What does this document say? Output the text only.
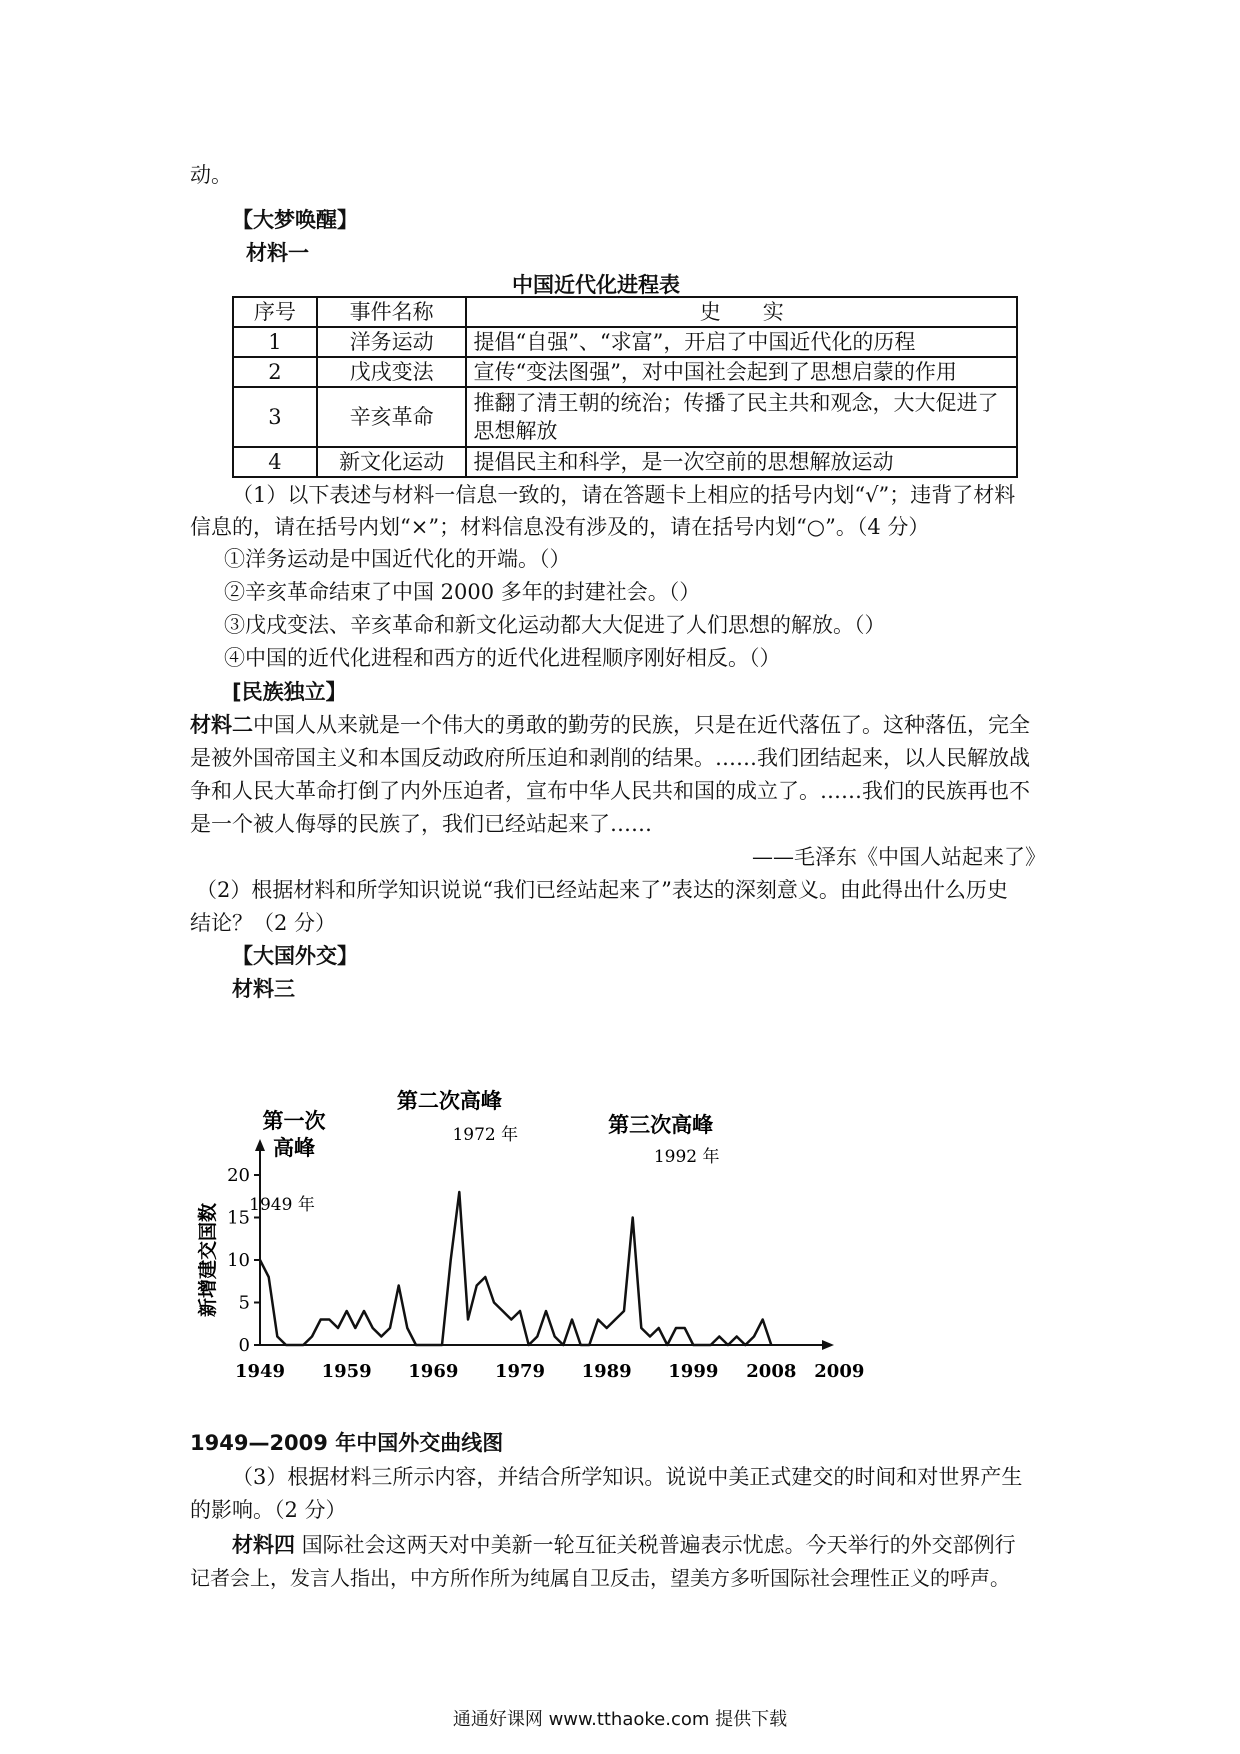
动。
【大梦唤醒】
材料一
中国近代化进程表
序号	事件名称	史　　实
1	洋务运动	提倡“自强”、“求富”，开启了中国近代化的历程
2	戊戌变法	宣传“变法图强”，对中国社会起到了思想启蒙的作用
3	辛亥革命	推翻了清王朝的统治；传播了民主共和观念，大大促进了思想解放
4	新文化运动	提倡民主和科学，是一次空前的思想解放运动
（1）以下表述与材料一信息一致的，请在答题卡上相应的括号内划“√”；违背了材料
信息的，请在括号内划“×”；材料信息没有涉及的，请在括号内划“○”。（4 分）
①洋务运动是中国近代化的开端。（）
②辛亥革命结束了中国 2000 多年的封建社会。（）
③戊戌变法、辛亥革命和新文化运动都大大促进了人们思想的解放。（）
④中国的近代化进程和西方的近代化进程顺序刚好相反。（）
[民族独立】
材料二中国人从来就是一个伟大的勇敢的勤劳的民族，只是在近代落伍了。这种落伍，完全
是被外国帝国主义和本国反动政府所压迫和剥削的结果。……我们团结起来，以人民解放战
争和人民大革命打倒了内外压迫者，宣布中华人民共和国的成立了。……我们的民族再也不
是一个被人侮辱的民族了，我们已经站起来了……
——毛泽东《中国人站起来了》
（2）根据材料和所学知识说说“我们已经站起来了”表达的深刻意义。由此得出什么历史
结论？（2 分）
【大国外交】
材料三
新增建交国数
0
5
10
15
20
1949 1959 1969 1979 1989 1999 2008 2009
第一次
高峰
1949 年
第二次高峰
1972 年	第三次高峰
1992 年
1949—2009 年中国外交曲线图
（3）根据材料三所示内容，并结合所学知识。说说中美正式建交的时间和对世界产生
的影响。（2 分）
材料四 国际社会这两天对中美新一轮互征关税普遍表示忧虑。今天举行的外交部例行
记者会上，发言人指出，中方所作所为纯属自卫反击，望美方多听国际社会理性正义的呼声。
通通好课网 www.tthaoke.com 提供下载
